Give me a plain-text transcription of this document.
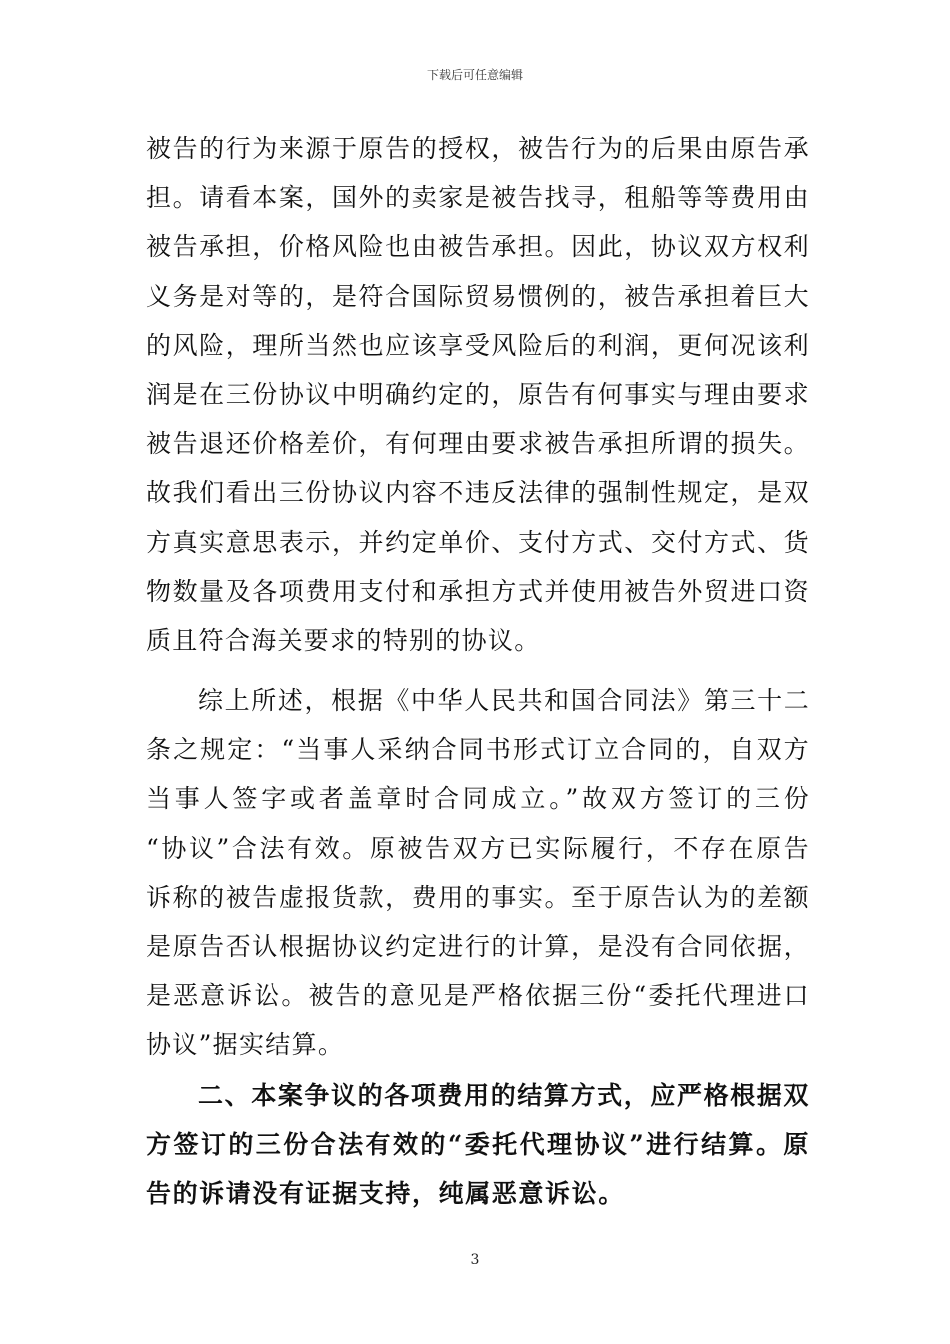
下载后可任意编辑
被告的行为来源于原告的授权，被告行为的后果由原告承
担。请看本案，国外的卖家是被告找寻，租船等等费用由
被告承担，价格风险也由被告承担。因此，协议双方权利
义务是对等的，是符合国际贸易惯例的，被告承担着巨大
的风险，理所当然也应该享受风险后的利润，更何况该利
润是在三份协议中明确约定的，原告有何事实与理由要求
被告退还价格差价，有何理由要求被告承担所谓的损失。
故我们看出三份协议内容不违反法律的强制性规定，是双
方真实意思表示，并约定单价、支付方式、交付方式、货
物数量及各项费用支付和承担方式并使用被告外贸进口资
质且符合海关要求的特别的协议。
综上所述，根据《中华人民共和国合同法》第三十二
条之规定：“当事人采纳合同书形式订立合同的，自双方
当事人签字或者盖章时合同成立。”故双方签订的三份
“协议”合法有效。原被告双方已实际履行，不存在原告
诉称的被告虚报货款，费用的事实。至于原告认为的差额
是原告否认根据协议约定进行的计算，是没有合同依据，
是恶意诉讼。被告的意见是严格依据三份“委托代理进口
协议”据实结算。
二、本案争议的各项费用的结算方式，应严格根据双
方签订的三份合法有效的“委托代理协议”进行结算。原
告的诉请没有证据支持，纯属恶意诉讼。
3
